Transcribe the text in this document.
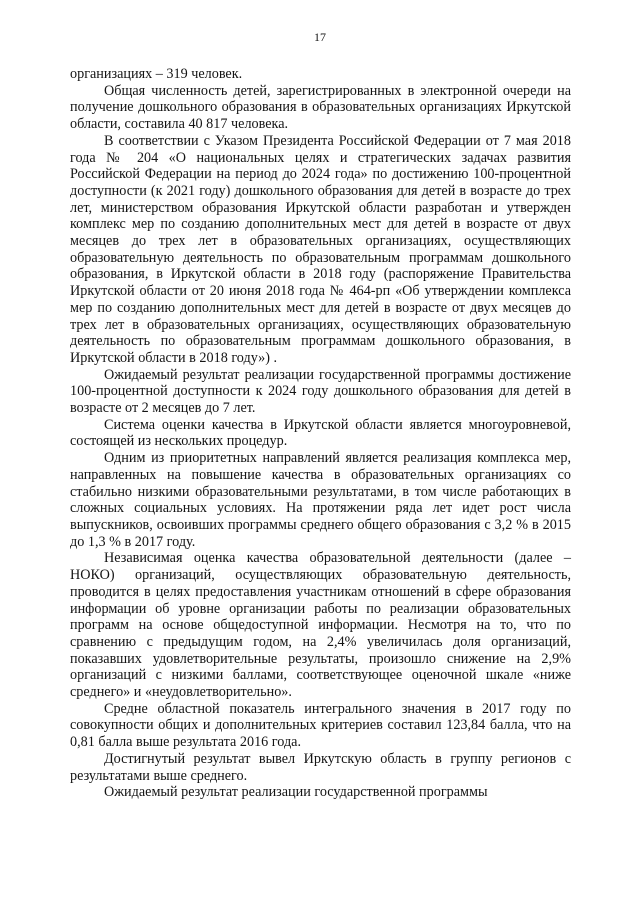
17

организациях – 319 человек.

Общая численность детей, зарегистрированных в электронной очереди на получение дошкольного образования в образовательных организациях Иркутской области, составила 40 817 человека.

В соответствии с Указом Президента Российской Федерации от 7 мая 2018 года № 204 «О национальных целях и стратегических задачах развития Российской Федерации на период до 2024 года» по достижению 100-процентной доступности (к 2021 году) дошкольного образования для детей в возрасте до трех лет, министерством образования Иркутской области разработан и утвержден комплекс мер по созданию дополнительных мест для детей в возрасте от двух месяцев до трех лет в образовательных организациях, осуществляющих образовательную деятельность по образовательным программам дошкольного образования, в Иркутской области в 2018 году (распоряжение Правительства Иркутской области от 20 июня 2018 года № 464-рп «Об утверждении комплекса мер по созданию дополнительных мест для детей в возрасте от двух месяцев до трех лет в образовательных организациях, осуществляющих образовательную деятельность по образовательным программам дошкольного образования, в Иркутской области в 2018 году») .

Ожидаемый результат реализации государственной программы достижение 100-процентной доступности к 2024 году дошкольного образования для детей в возрасте от 2 месяцев до 7 лет.

Система оценки качества в Иркутской области является многоуровневой, состоящей из нескольких процедур.

Одним из приоритетных направлений является реализация комплекса мер, направленных на повышение качества в образовательных организациях со стабильно низкими образовательными результатами, в том числе работающих в сложных социальных условиях. На протяжении ряда лет идет рост числа выпускников, освоивших программы среднего общего образования с 3,2 % в 2015 до 1,3 % в 2017 году.

Независимая оценка качества образовательной деятельности (далее – НОКО) организаций, осуществляющих образовательную деятельность, проводится в целях предоставления участникам отношений в сфере образования информации об уровне организации работы по реализации образовательных программ на основе общедоступной информации. Несмотря на то, что по сравнению с предыдущим годом, на 2,4% увеличилась доля организаций, показавших удовлетворительные результаты, произошло снижение на 2,9% организаций с низкими баллами, соответствующее оценочной шкале «ниже среднего» и «неудовлетворительно».

Средне областной показатель интегрального значения в 2017 году по совокупности общих и дополнительных критериев составил 123,84 балла, что на 0,81 балла выше результата 2016 года.

Достигнутый результат вывел Иркутскую область в группу регионов с результатами выше среднего.

Ожидаемый результат реализации государственной программы
